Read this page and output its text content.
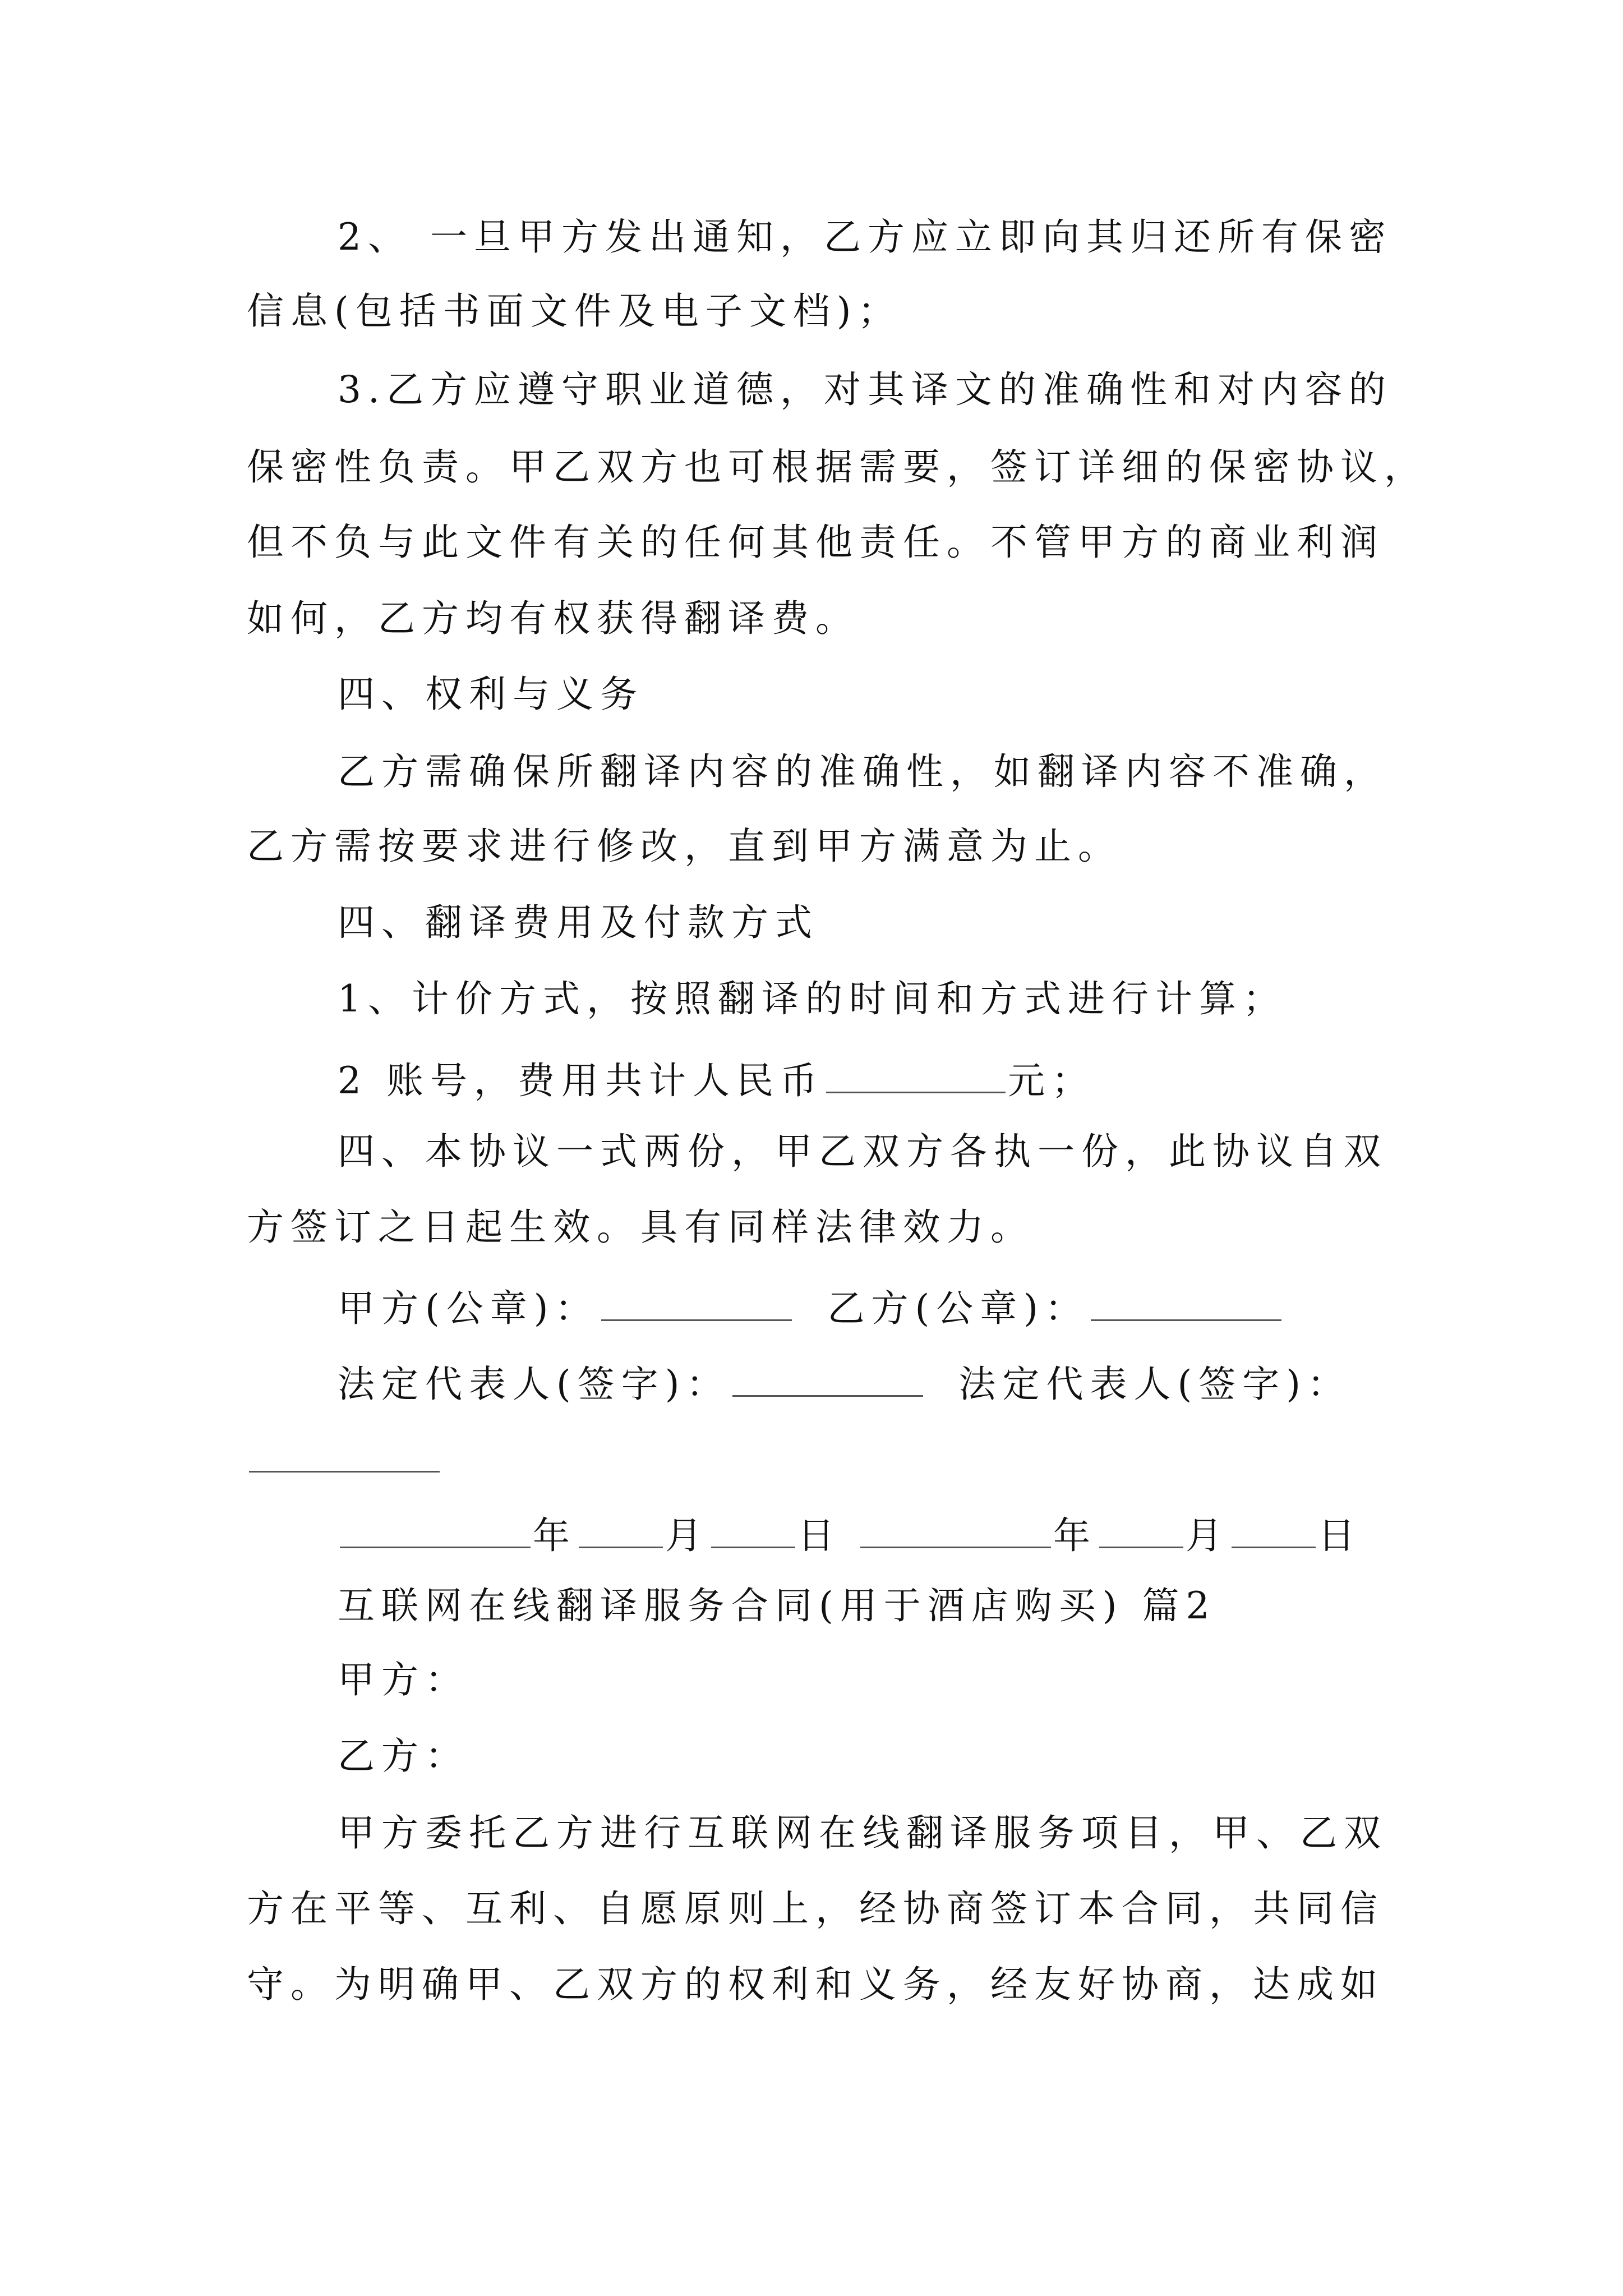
2、 一旦甲方发出通知，乙方应立即向其归还所有保密
信息(包括书面文件及电子文档)；
3.乙方应遵守职业道德，对其译文的准确性和对内容的
保密性负责。甲乙双方也可根据需要，签订详细的保密协议，
但不负与此文件有关的任何其他责任。不管甲方的商业利润
如何，乙方均有权获得翻译费。
四、权利与义务
乙方需确保所翻译内容的准确性，如翻译内容不准确，
乙方需按要求进行修改，直到甲方满意为止。
四、翻译费用及付款方式
1、计价方式，按照翻译的时间和方式进行计算；
2 账号，费用共计人民币	元；
四、本协议一式两份，甲乙双方各执一份，此协议自双
方签订之日起生效。具有同样法律效力。
甲方(公章)：	乙方(公章)：
法定代表人(签字)：	法定代表人(签字)：
年 月 日	年 月 日
互联网在线翻译服务合同(用于酒店购买) 篇2
甲方：
乙方：
甲方委托乙方进行互联网在线翻译服务项目，甲、乙双
方在平等、互利、自愿原则上，经协商签订本合同，共同信
守。为明确甲、乙双方的权利和义务，经友好协商，达成如
